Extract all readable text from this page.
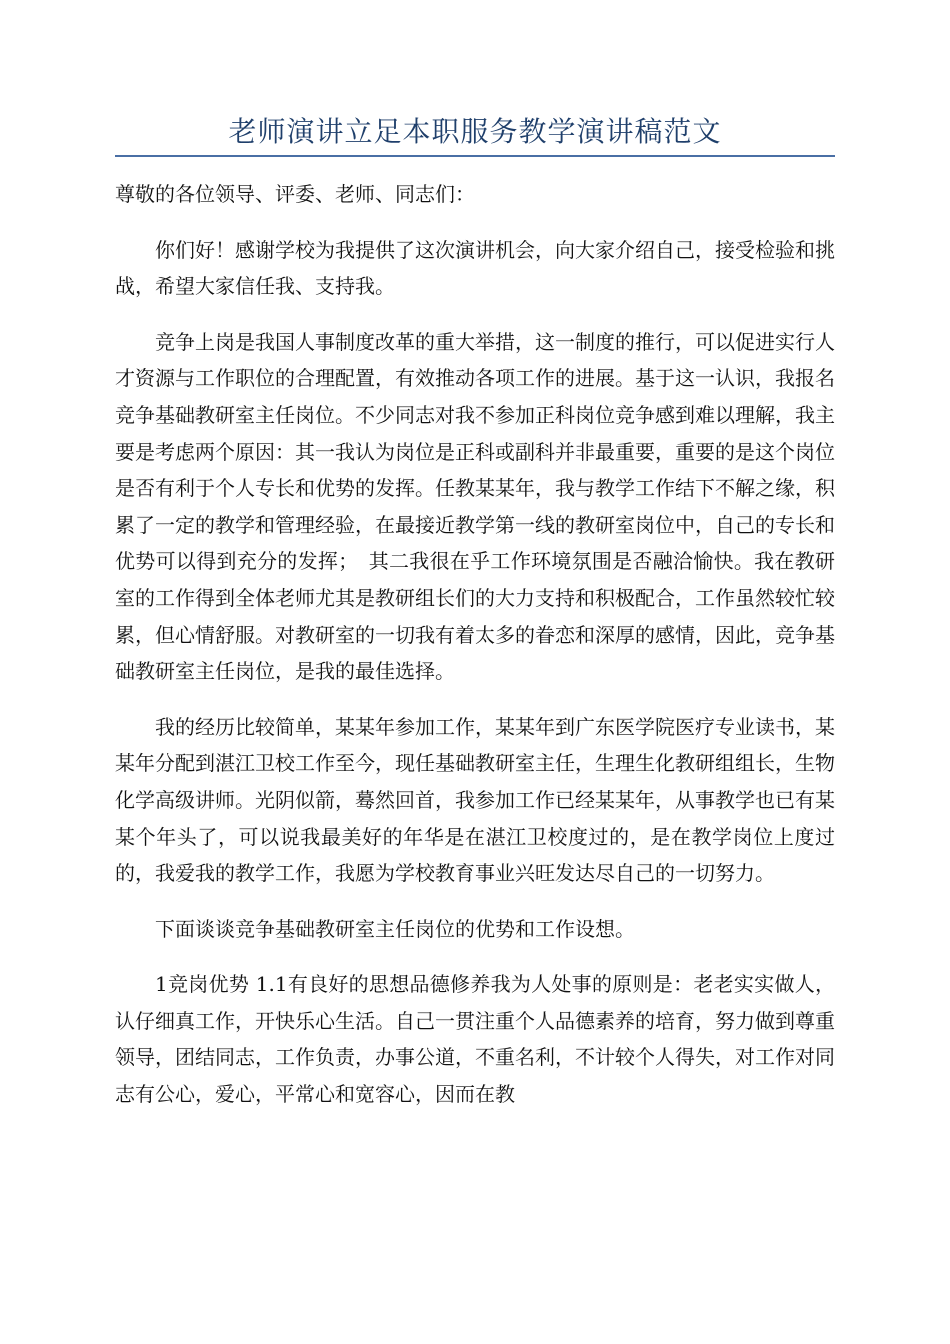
老师演讲立足本职服务教学演讲稿范文

尊敬的各位领导、评委、老师、同志们：

你们好！感谢学校为我提供了这次演讲机会，向大家介绍自己，接受检验和挑战，希望大家信任我、支持我。

竞争上岗是我国人事制度改革的重大举措，这一制度的推行，可以促进实行人才资源与工作职位的合理配置，有效推动各项工作的进展。基于这一认识，我报名竞争基础教研室主任岗位。不少同志对我不参加正科岗位竞争感到难以理解，我主要是考虑两个原因：其一我认为岗位是正科或副科并非最重要，重要的是这个岗位是否有利于个人专长和优势的发挥。任教某某年，我与教学工作结下不解之缘，积累了一定的教学和管理经验，在最接近教学第一线的教研室岗位中，自己的专长和优势可以得到充分的发挥；　其二我很在乎工作环境氛围是否融洽愉快。我在教研室的工作得到全体老师尤其是教研组长们的大力支持和积极配合，工作虽然较忙较累，但心情舒服。对教研室的一切我有着太多的眷恋和深厚的感情，因此，竞争基础教研室主任岗位，是我的最佳选择。

我的经历比较简单，某某年参加工作，某某年到广东医学院医疗专业读书，某某年分配到湛江卫校工作至今，现任基础教研室主任，生理生化教研组组长，生物化学高级讲师。光阴似箭，蓦然回首，我参加工作已经某某年，从事教学也已有某某个年头了，可以说我最美好的年华是在湛江卫校度过的，是在教学岗位上度过的，我爱我的教学工作，我愿为学校教育事业兴旺发达尽自己的一切努力。

下面谈谈竞争基础教研室主任岗位的优势和工作设想。

1竞岗优势 1.1有良好的思想品德修养我为人处事的原则是：老老实实做人，认仔细真工作，开快乐心生活。自己一贯注重个人品德素养的培育，努力做到尊重领导，团结同志，工作负责，办事公道，不重名利，不计较个人得失，对工作对同志有公心，爱心，平常心和宽容心，因而在教
